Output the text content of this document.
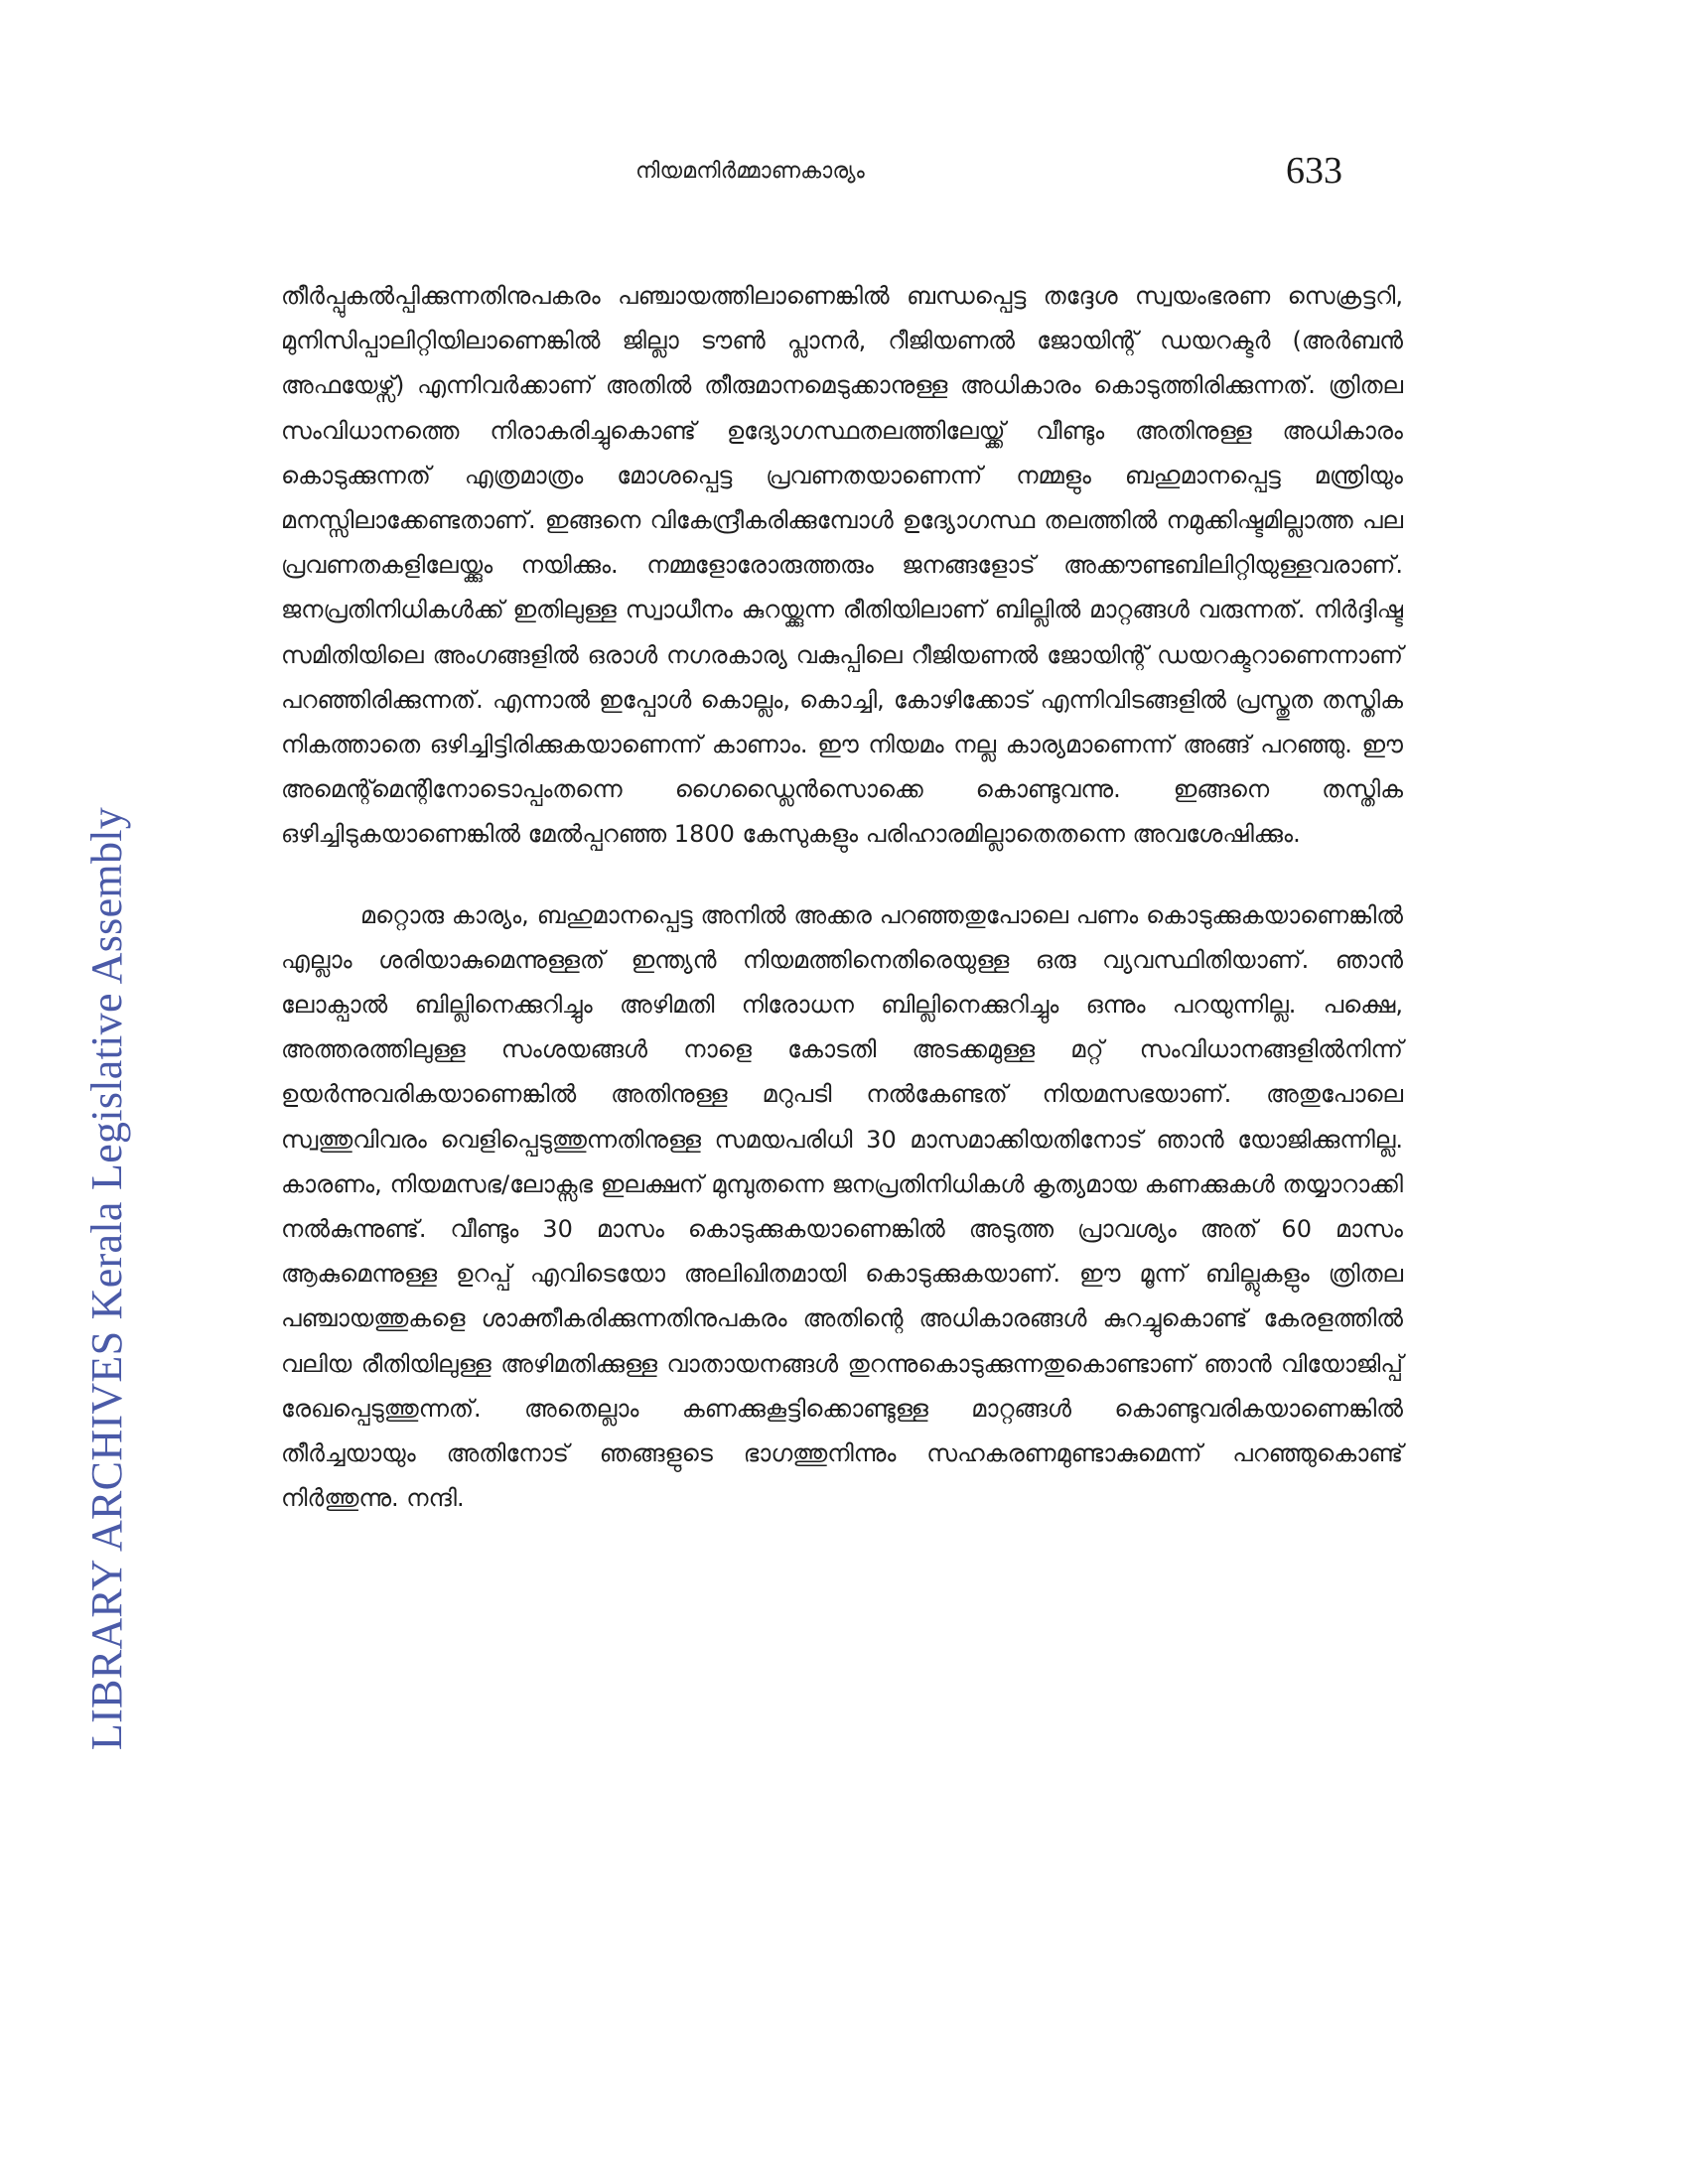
നിയമനിർമ്മാണകാര്യം	633
LIBRARY ARCHIVES Kerala Legislative Assembly

തീർപ്പുകൽപ്പിക്കുന്നതിനുപകരം പഞ്ചായത്തിലാണെങ്കിൽ ബന്ധപ്പെട്ട തദ്ദേശ സ്വയംഭരണ സെക്രട്ടറി, മുനിസിപ്പാലിറ്റിയിലാണെങ്കിൽ ജില്ലാ ടൗൺ പ്ലാനർ, റീജിയണൽ ജോയിന്റ് ഡയറക്ടർ (അർബൻ അഫയേഴ്സ്) എന്നിവർക്കാണ് അതിൽ തീരുമാനമെടുക്കാനുള്ള അധികാരം കൊടുത്തിരിക്കുന്നത്. ത്രിതല സംവിധാനത്തെ നിരാകരിച്ചുകൊണ്ട് ഉദ്യോഗസ്ഥതലത്തിലേയ്ക്ക് വീണ്ടും അതിനുള്ള അധികാരം കൊടുക്കുന്നത് എത്രമാത്രം മോശപ്പെട്ട പ്രവണതയാണെന്ന് നമ്മളും ബഹുമാനപ്പെട്ട മന്ത്രിയും മനസ്സിലാക്കേണ്ടതാണ്. ഇങ്ങനെ വികേന്ദ്രീകരിക്കുമ്പോൾ ഉദ്യോഗസ്ഥ തലത്തിൽ നമുക്കിഷ്ടമില്ലാത്ത പല പ്രവണതകളിലേയ്ക്കും നയിക്കും. നമ്മളോരോരുത്തരും ജനങ്ങളോട് അക്കൗണ്ടബിലിറ്റിയുള്ളവരാണ്. ജനപ്രതിനിധികൾക്ക് ഇതിലുള്ള സ്വാധീനം കുറയ്ക്കുന്ന രീതിയിലാണ് ബില്ലിൽ മാറ്റങ്ങൾ വരുന്നത്. നിർദ്ദിഷ്ട സമിതിയിലെ അംഗങ്ങളിൽ ഒരാൾ നഗരകാര്യ വകുപ്പിലെ റീജിയണൽ ജോയിന്റ് ഡയറക്ടറാണെന്നാണ് പറഞ്ഞിരിക്കുന്നത്. എന്നാൽ ഇപ്പോൾ കൊല്ലം, കൊച്ചി, കോഴിക്കോട് എന്നിവിടങ്ങളിൽ പ്രസ്തുത തസ്തിക നികത്താതെ ഒഴിച്ചിട്ടിരിക്കുകയാണെന്ന് കാണാം. ഈ നിയമം നല്ല കാര്യമാണെന്ന് അങ്ങ് പറഞ്ഞു. ഈ അമെന്റ്മെന്റിനോടൊപ്പംതന്നെ ഗൈഡ്ലൈൻസൊക്കെ കൊണ്ടുവന്നു. ഇങ്ങനെ തസ്തിക ഒഴിച്ചിടുകയാണെങ്കിൽ മേൽപ്പറഞ്ഞ 1800 കേസുകളും പരിഹാരമില്ലാതെതന്നെ അവശേഷിക്കും.

മറ്റൊരു കാര്യം, ബഹുമാനപ്പെട്ട അനിൽ അക്കര പറഞ്ഞതുപോലെ പണം കൊടുക്കുകയാണെങ്കിൽ എല്ലാം ശരിയാകുമെന്നുള്ളത് ഇന്ത്യൻ നിയമത്തിനെതിരെയുള്ള ഒരു വ്യവസ്ഥിതിയാണ്. ഞാൻ ലോക്പാൽ ബില്ലിനെക്കുറിച്ചും അഴിമതി നിരോധന ബില്ലിനെക്കുറിച്ചും ഒന്നും പറയുന്നില്ല. പക്ഷെ, അത്തരത്തിലുള്ള സംശയങ്ങൾ നാളെ കോടതി അടക്കമുള്ള മറ്റ് സംവിധാനങ്ങളിൽനിന്ന് ഉയർന്നുവരികയാണെങ്കിൽ അതിനുള്ള മറുപടി നൽകേണ്ടത് നിയമസഭയാണ്. അതുപോലെ സ്വത്തുവിവരം വെളിപ്പെടുത്തുന്നതിനുള്ള സമയപരിധി 30 മാസമാക്കിയതിനോട് ഞാൻ യോജിക്കുന്നില്ല. കാരണം, നിയമസഭ/ലോക്സഭ ഇലക്ഷന് മുമ്പുതന്നെ ജനപ്രതിനിധികൾ കൃത്യമായ കണക്കുകൾ തയ്യാറാക്കി നൽകുന്നുണ്ട്. വീണ്ടും 30 മാസം കൊടുക്കുകയാണെങ്കിൽ അടുത്ത പ്രാവശ്യം അത് 60 മാസം ആകുമെന്നുള്ള ഉറപ്പ് എവിടെയോ അലിഖിതമായി കൊടുക്കുകയാണ്. ഈ മൂന്ന് ബില്ലുകളും ത്രിതല പഞ്ചായത്തുകളെ ശാക്തീകരിക്കുന്നതിനുപകരം അതിന്റെ അധികാരങ്ങൾ കുറച്ചുകൊണ്ട് കേരളത്തിൽ വലിയ രീതിയിലുള്ള അഴിമതിക്കുള്ള വാതായനങ്ങൾ തുറന്നുകൊടുക്കുന്നതുകൊണ്ടാണ് ഞാൻ വിയോജിപ്പ് രേഖപ്പെടുത്തുന്നത്. അതെല്ലാം കണക്കുകൂട്ടിക്കൊണ്ടുള്ള മാറ്റങ്ങൾ കൊണ്ടുവരികയാണെങ്കിൽ തീർച്ചയായും അതിനോട് ഞങ്ങളുടെ ഭാഗത്തുനിന്നും സഹകരണമുണ്ടാകുമെന്ന് പറഞ്ഞുകൊണ്ട് നിർത്തുന്നു. നന്ദി.
